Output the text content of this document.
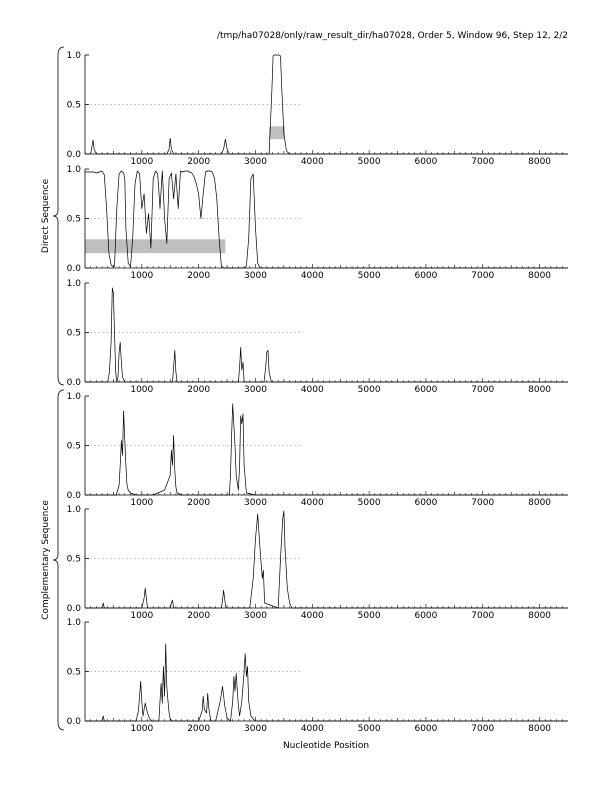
/tmp/ha07028/only/raw_result_dir/ha07028, Order 5, Window 96, Step 12, 2/2
1000	2000	3000	4000	5000	6000	7000	8000
0.0
0.5
1.0
1000	2000	3000	4000	5000	6000	7000	8000
0.0
0.5
1.0
1000	2000	3000	4000	5000	6000	7000	8000
0.0
0.5
1.0
1000	2000	3000	4000	5000	6000	7000	8000
0.0
0.5
1.0
1000	2000	3000	4000	5000	6000	7000	8000
0.0
0.5
1.0
1000	2000	3000	4000	5000	6000	7000	8000
0.0
0.5
1.0
Direct Sequence
Complementary Sequence
Nucleotide Position
